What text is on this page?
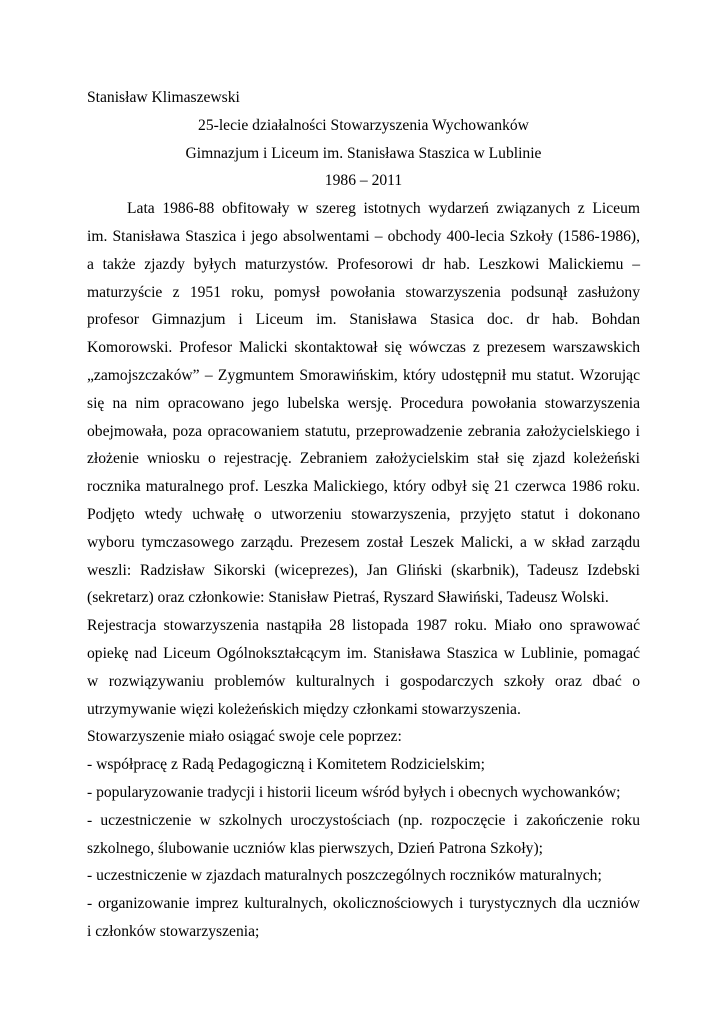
Stanisław Klimaszewski
25-lecie działalności Stowarzyszenia Wychowanków
Gimnazjum i Liceum im. Stanisława Staszica w Lublinie
1986 – 2011
Lata 1986-88 obfitowały w szereg istotnych wydarzeń związanych z Liceum
im. Stanisława Staszica i jego absolwentami – obchody 400-lecia Szkoły (1586-1986),
a także zjazdy byłych maturzystów. Profesorowi dr hab. Leszkowi Malickiemu –
maturzyście z 1951 roku, pomysł powołania stowarzyszenia podsunął zasłużony
profesor Gimnazjum i Liceum im. Stanisława Stasica doc. dr hab. Bohdan
Komorowski. Profesor Malicki skontaktował się wówczas z prezesem warszawskich
„zamojszczaków” – Zygmuntem Smorawińskim, który udostępnił mu statut. Wzorując
się na nim opracowano jego lubelska wersję. Procedura powołania stowarzyszenia
obejmowała, poza opracowaniem statutu, przeprowadzenie zebrania założycielskiego i
złożenie wniosku o rejestrację. Zebraniem założycielskim stał się zjazd koleżeński
rocznika maturalnego prof. Leszka Malickiego, który odbył się 21 czerwca 1986 roku.
Podjęto wtedy uchwałę o utworzeniu stowarzyszenia, przyjęto statut i dokonano
wyboru tymczasowego zarządu. Prezesem został Leszek Malicki, a w skład zarządu
weszli: Radzisław Sikorski (wiceprezes), Jan Gliński (skarbnik), Tadeusz Izdebski
(sekretarz) oraz członkowie: Stanisław Pietraś, Ryszard Sławiński, Tadeusz Wolski.
Rejestracja stowarzyszenia nastąpiła 28 listopada 1987 roku. Miało ono sprawować
opiekę nad Liceum Ogólnokształcącym im. Stanisława Staszica w Lublinie, pomagać
w rozwiązywaniu problemów kulturalnych i gospodarczych szkoły oraz dbać o
utrzymywanie więzi koleżeńskich między członkami stowarzyszenia.
Stowarzyszenie miało osiągać swoje cele poprzez:
- współpracę z Radą Pedagogiczną i Komitetem Rodzicielskim;
- popularyzowanie tradycji i historii liceum wśród byłych i obecnych wychowanków;
- uczestniczenie w szkolnych uroczystościach (np. rozpoczęcie i zakończenie roku
szkolnego, ślubowanie uczniów klas pierwszych, Dzień Patrona Szkoły);
- uczestniczenie w zjazdach maturalnych poszczególnych roczników maturalnych;
- organizowanie imprez kulturalnych, okolicznościowych i turystycznych dla uczniów
i członków stowarzyszenia;
